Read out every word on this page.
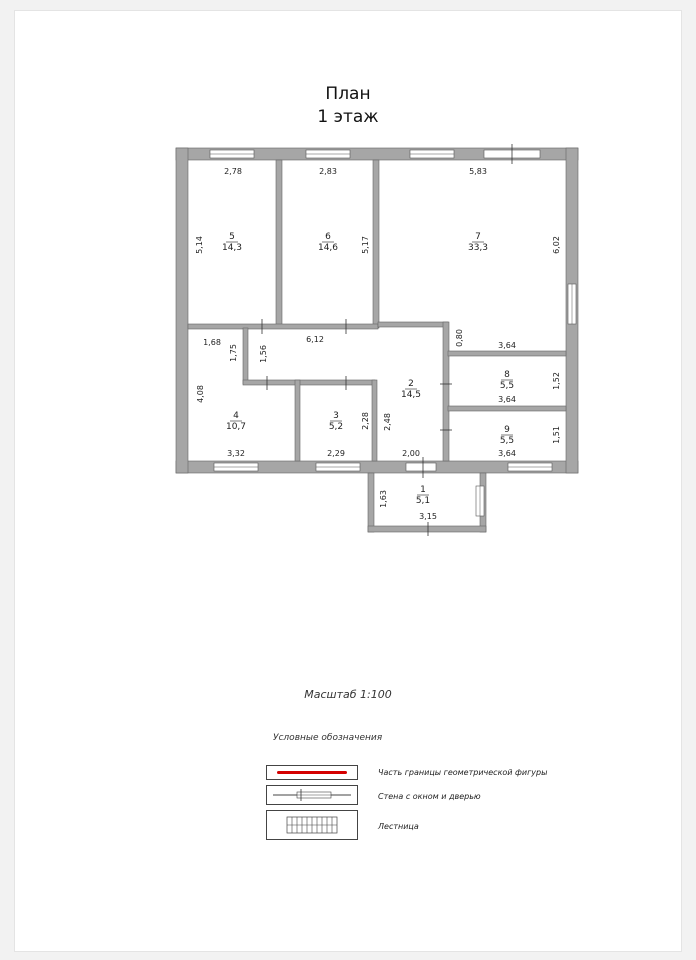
План
1 этаж
5
14,3
6
14,6
7
33,3
2
14,5
8
5,5
4
10,7
3
5,2	9
5,5
1
5,1
2,78	2,83	5,83
5,14	5,17	6,02
6,12	0,80	3,64
1,68
1,75	1,56
4,08
2,48
3,64
1,52
2,28
3,64
1,51
3,32	2,29	2,00
1,63
3,15
Масштаб 1:100
Условные обозначения
Часть границы геометрической фигуры
Стена с окном и дверью
Лестница
